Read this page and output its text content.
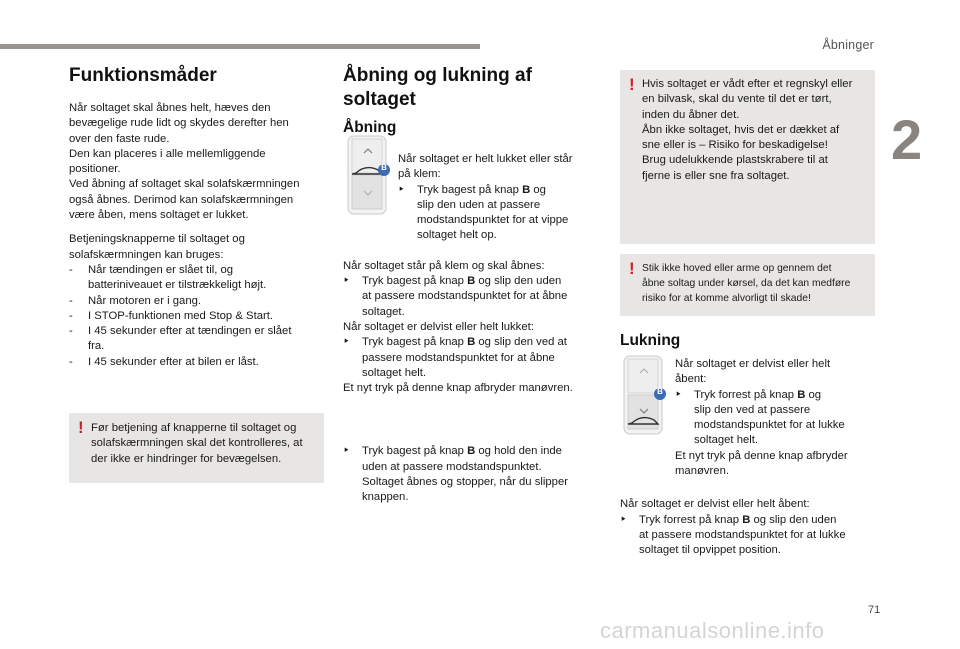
Åbninger
2
Funktionsmåder
Når soltaget skal åbnes helt, hæves den
bevægelige rude lidt og skydes derefter hen
over den faste rude.
Den kan placeres i alle mellemliggende
positioner.
Ved åbning af soltaget skal solafskærmningen
også åbnes. Derimod kan solafskærmningen
være åben, mens soltaget er lukket.
Betjeningsknapperne til soltaget og
solafskærmningen kan bruges:
-	Når tændingen er slået til, og
batteriniveauet er tilstrækkeligt højt.
-	Når motoren er i gang.
-	I STOP-funktionen med Stop & Start.
-	I 45 sekunder efter at tændingen er slået
fra.
-	I 45 sekunder efter at bilen er låst.
! Før betjening af knapperne til soltaget og
solafskærmningen skal det kontrolleres, at
der ikke er hindringer for bevægelsen.
Åbning og lukning af soltaget
Åbning
Når soltaget er helt lukket eller står
på klem:
‣	Tryk bagest på knap B og
slip den uden at passere
modstandspunktet for at vippe
soltaget helt op.
Når soltaget står på klem og skal åbnes:
‣	Tryk bagest på knap B og slip den uden
at passere modstandspunktet for at åbne
soltaget.
Når soltaget er delvist eller helt lukket:
‣	Tryk bagest på knap B og slip den ved at
passere modstandspunktet for at åbne
soltaget helt.
Et nyt tryk på denne knap afbryder manøvren.
‣	Tryk bagest på knap B og hold den inde
uden at passere modstandspunktet.
Soltaget åbnes og stopper, når du slipper
knappen.
B
! Hvis soltaget er vådt efter et regnskyl eller
en bilvask, skal du vente til det er tørt,
inden du åbner det.
Åbn ikke soltaget, hvis det er dækket af
sne eller is – Risiko for beskadigelse!
Brug udelukkende plastskrabere til at
fjerne is eller sne fra soltaget.
! Stik ikke hoved eller arme op gennem det
åbne soltag under kørsel, da det kan medføre
risiko for at komme alvorligt til skade!
Lukning
Når soltaget er delvist eller helt
åbent:
‣	Tryk forrest på knap B og
slip den ved at passere
modstandspunktet for at lukke
soltaget helt.
Et nyt tryk på denne knap afbryder
manøvren.
Når soltaget er delvist eller helt åbent:
‣	Tryk forrest på knap B og slip den uden
at passere modstandspunktet for at lukke
soltaget til opvippet position.
B
71
carmanualsonline.info
